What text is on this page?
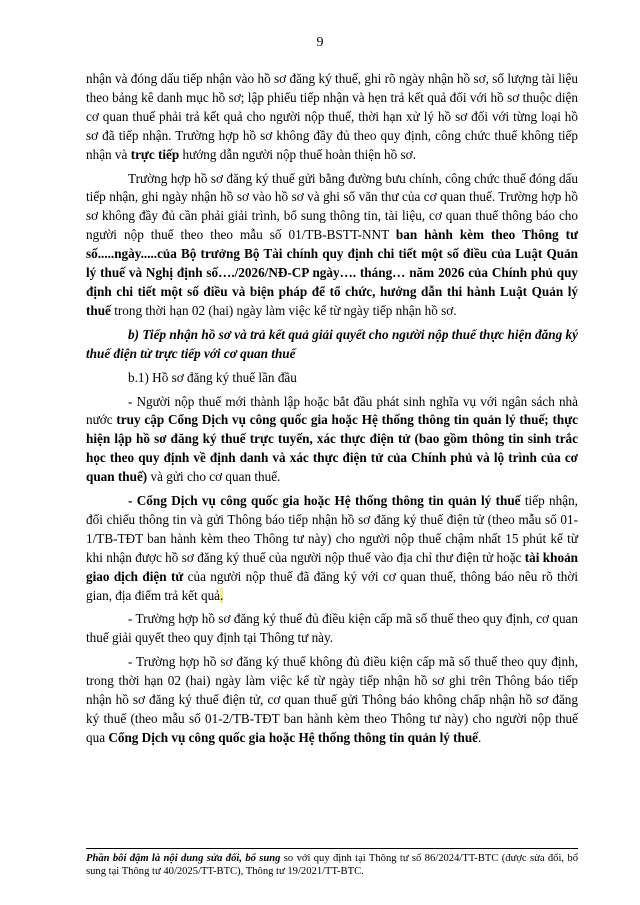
9

nhận và đóng dấu tiếp nhận vào hồ sơ đăng ký thuế, ghi rõ ngày nhận hồ sơ, số lượng tài liệu theo bảng kê danh mục hồ sơ; lập phiếu tiếp nhận và hẹn trả kết quả đối với hồ sơ thuộc diện cơ quan thuế phải trả kết quả cho người nộp thuế, thời hạn xử lý hồ sơ đối với từng loại hồ sơ đã tiếp nhận. Trường hợp hồ sơ không đầy đủ theo quy định, công chức thuế không tiếp nhận và trực tiếp hướng dẫn người nộp thuế hoàn thiện hồ sơ.

Trường hợp hồ sơ đăng ký thuế gửi bằng đường bưu chính, công chức thuế đóng dấu tiếp nhận, ghi ngày nhận hồ sơ vào hồ sơ và ghi sổ văn thư của cơ quan thuế. Trường hợp hồ sơ không đầy đủ cần phải giải trình, bổ sung thông tin, tài liệu, cơ quan thuế thông báo cho người nộp thuế theo theo mẫu số 01/TB-BSTT-NNT ban hành kèm theo Thông tư số.....ngày.....của Bộ trưởng Bộ Tài chính quy định chi tiết một số điều của Luật Quản lý thuế và Nghị định số…./2026/NĐ-CP ngày…. tháng… năm 2026 của Chính phủ quy định chi tiết một số điều và biện pháp để tổ chức, hướng dẫn thi hành Luật Quản lý thuế trong thời hạn 02 (hai) ngày làm việc kể từ ngày tiếp nhận hồ sơ.

b) Tiếp nhận hồ sơ và trả kết quả giải quyết cho người nộp thuế thực hiện đăng ký thuế điện tử trực tiếp với cơ quan thuế

b.1) Hồ sơ đăng ký thuế lần đầu

- Người nộp thuế mới thành lập hoặc bắt đầu phát sinh nghĩa vụ với ngân sách nhà nước truy cập Cổng Dịch vụ công quốc gia hoặc Hệ thống thông tin quản lý thuế; thực hiện lập hồ sơ đăng ký thuế trực tuyến, xác thực điện tử (bao gồm thông tin sinh trắc học theo quy định về định danh và xác thực điện tử của Chính phủ và lộ trình của cơ quan thuế) và gửi cho cơ quan thuế.

- Cổng Dịch vụ công quốc gia hoặc Hệ thống thông tin quản lý thuế tiếp nhận, đối chiếu thông tin và gửi Thông báo tiếp nhận hồ sơ đăng ký thuế điện tử (theo mẫu số 01-1/TB-TĐT ban hành kèm theo Thông tư này) cho người nộp thuế chậm nhất 15 phút kể từ khi nhận được hồ sơ đăng ký thuế của người nộp thuế vào địa chỉ thư điện tử hoặc tài khoản giao dịch điện tử của người nộp thuế đã đăng ký với cơ quan thuế, thông báo nêu rõ thời gian, địa điểm trả kết quả.

- Trường hợp hồ sơ đăng ký thuế đủ điều kiện cấp mã số thuế theo quy định, cơ quan thuế giải quyết theo quy định tại Thông tư này.

- Trường hợp hồ sơ đăng ký thuế không đủ điều kiện cấp mã số thuế theo quy định, trong thời hạn 02 (hai) ngày làm việc kể từ ngày tiếp nhận hồ sơ ghi trên Thông báo tiếp nhận hồ sơ đăng ký thuế điện tử, cơ quan thuế gửi Thông báo không chấp nhận hồ sơ đăng ký thuế (theo mẫu số 01-2/TB-TĐT ban hành kèm theo Thông tư này) cho người nộp thuế qua Cổng Dịch vụ công quốc gia hoặc Hệ thống thông tin quản lý thuế.

Phần bôi đậm là nội dung sửa đổi, bổ sung so với quy định tại Thông tư số 86/2024/TT-BTC (được sửa đổi, bổ sung tại Thông tư 40/2025/TT-BTC), Thông tư 19/2021/TT-BTC.
